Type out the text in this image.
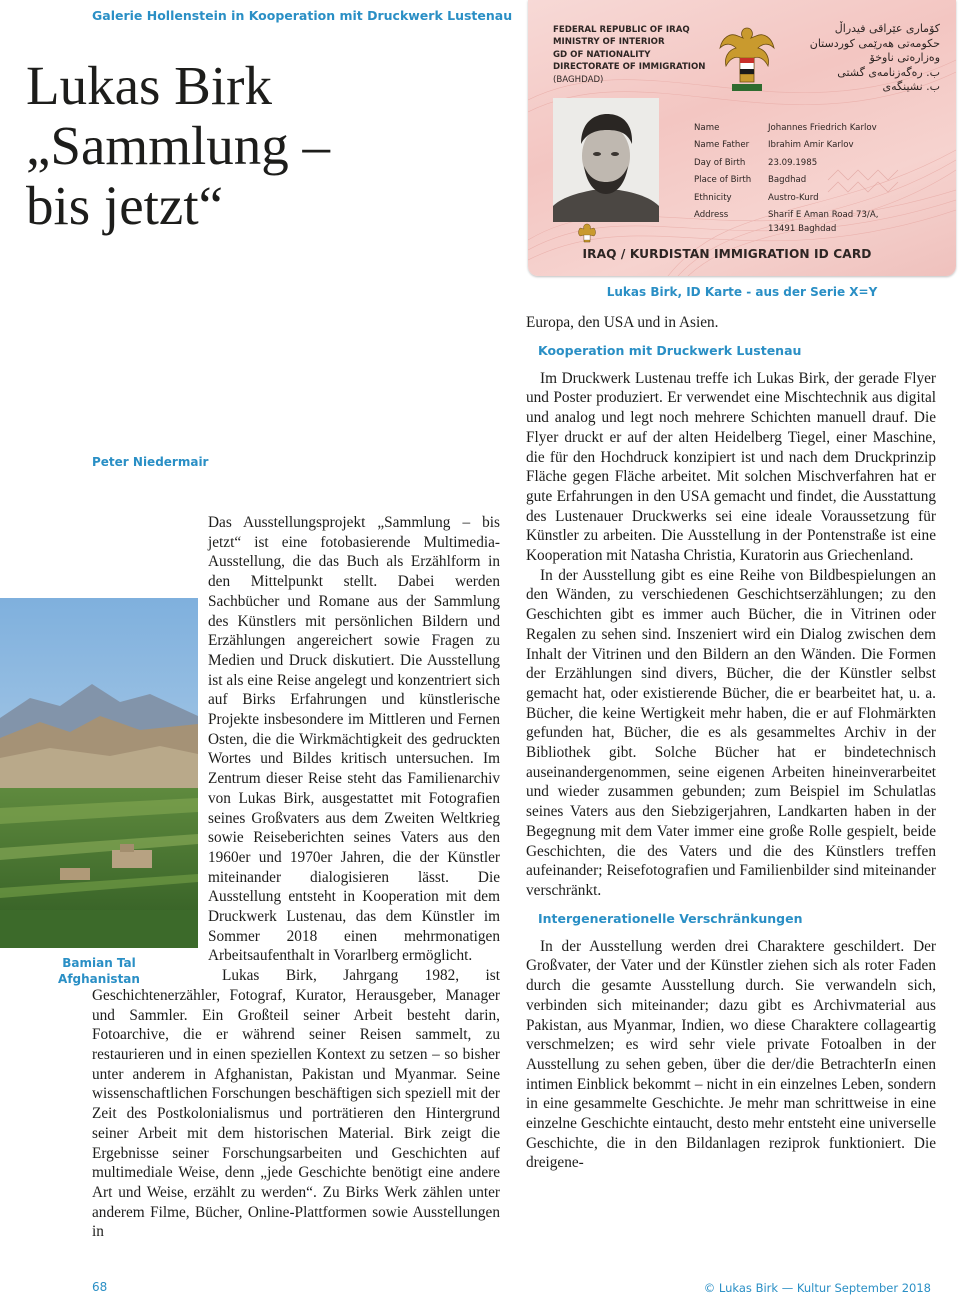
Galerie Hollenstein in Kooperation mit Druckwerk Lustenau
Lukas Birk
„Sammlung –
bis jetzt“
FEDERAL REPUBLIC OF IRAQ
MINISTRY OF INTERIOR
GD OF NATIONALITY
DIRECTORATE OF IMMIGRATION
(BAGHDAD)
كۆماری عێراقی فیدراڵ
حکومەتی هەرێمی کوردستان
وەزارەتی ناوخۆ
ب. رەگەزنامەی گشتی
ب. نشینگەی
Name	Johannes Friedrich Karlov
Name Father	Ibrahim Amir Karlov
Day of Birth	23.09.1985
Place of Birth	Bagdhad
Ethnicity	Austro-Kurd
Address	Sharif E Aman Road 73/A,
13491 Baghdad
IRAQ / KURDISTAN IMMIGRATION ID CARD
Lukas Birk, ID Karte - aus der Serie X=Y
Peter Niedermair
Bamian Tal
Afghanistan

Das Ausstellungsprojekt „Sammlung – bis jetzt“ ist eine fotobasierende Multimedia-Ausstellung, die das Buch als Erzählform in den Mittelpunkt stellt. Dabei werden Sachbücher und Romane aus der Sammlung des Künstlers mit persönlichen Bildern und Erzählungen angereichert sowie Fragen zu Medien und Druck diskutiert. Die Ausstellung ist als eine Reise angelegt und konzentriert sich auf Birks Erfahrungen und künstlerische Projekte insbesondere im Mittleren und Fernen Osten, die die Wirkmächtigkeit des gedruckten Wortes und Bildes kritisch untersuchen. Im Zentrum dieser Reise steht das Familienarchiv von Lukas Birk, ausgestattet mit Fotografien seines Großvaters aus dem Zweiten Weltkrieg sowie Reiseberichten seines Vaters aus den 1960er und 1970er Jahren, die der Künstler miteinander dialogisieren lässt. Die Ausstellung entsteht in Kooperation mit dem Druckwerk Lustenau, das dem Künstler im Sommer 2018 einen mehrmonatigen Arbeitsaufenthalt in Vorarlberg ermöglicht.

Lukas Birk, Jahrgang 1982, ist Geschichtenerzähler, Fotograf, Kurator, Herausgeber, Manager und Sammler. Ein Großteil seiner Arbeit besteht darin, Fotoarchive, die er während seiner Reisen sammelt, zu restaurieren und in einen speziellen Kontext zu setzen – so bisher unter anderem in Afghanistan, Pakistan und Myanmar. Seine wissenschaftlichen Forschungen beschäftigen sich speziell mit der Zeit des Postkolonialismus und porträtieren den Hintergrund seiner Arbeit mit dem historischen Material. Birk zeigt die Ergebnisse seiner Forschungsarbeiten und Geschichten auf multimediale Weise, denn „jede Geschichte benötigt eine andere Art und Weise, erzählt zu werden“. Zu Birks Werk zählen unter anderem Filme, Bücher, Online-Plattformen sowie Ausstellungen in

Europa, den USA und in Asien.

Kooperation mit Druckwerk Lustenau

Im Druckwerk Lustenau treffe ich Lukas Birk, der gerade Flyer und Poster produziert. Er verwendet eine Mischtechnik aus digital und analog und legt noch mehrere Schichten manuell drauf. Die Flyer druckt er auf der alten Heidelberg Tiegel, einer Maschine, die für den Hochdruck konzipiert ist und nach dem Druckprinzip Fläche gegen Fläche arbeitet. Mit solchen Mischverfahren hat er gute Erfahrungen in den USA gemacht und findet, die Ausstattung des Lustenauer Druckwerks sei eine ideale Voraussetzung für Künstler zu arbeiten. Die Ausstellung in der Pontenstraße ist eine Kooperation mit Natasha Christia, Kuratorin aus Griechenland.

In der Ausstellung gibt es eine Reihe von Bildbespielungen an den Wänden, zu verschiedenen Geschichtserzählungen; zu den Geschichten gibt es immer auch Bücher, die in Vitrinen oder Regalen zu sehen sind. Inszeniert wird ein Dialog zwischen dem Inhalt der Vitrinen und den Bildern an den Wänden. Die Formen der Erzählungen sind divers, Bücher, die der Künstler selbst gemacht hat, oder existierende Bücher, die er bearbeitet hat, u. a. Bücher, die keine Wertigkeit mehr haben, die er auf Flohmärkten gefunden hat, Bücher, die es als gesammeltes Archiv in der Bibliothek gibt. Solche Bücher hat er bindetechnisch auseinandergenommen, seine eigenen Arbeiten hineinverarbeitet und wieder zusammen gebunden; zum Beispiel im Schulatlas seines Vaters aus den Siebzigerjahren, Landkarten haben in der Begegnung mit dem Vater immer eine große Rolle gespielt, beide Geschichten, die des Vaters und die des Künstlers treffen aufeinander; Reisefotografien und Familienbilder sind miteinander verschränkt.

Intergenerationelle Verschränkungen

In der Ausstellung werden drei Charaktere geschildert. Der Großvater, der Vater und der Künstler ziehen sich als roter Faden durch die gesamte Ausstellung durch. Sie verwandeln sich, verbinden sich miteinander; dazu gibt es Archivmaterial aus Pakistan, aus Myanmar, Indien, wo diese Charaktere collageartig verschmelzen; es wird sehr viele private Fotoalben in der Ausstellung zu sehen geben, über die der/die BetrachterIn einen intimen Einblick bekommt – nicht in ein einzelnes Leben, sondern in eine gesammelte Geschichte. Je mehr man schrittweise in eine einzelne Geschichte eintaucht, desto mehr entsteht eine universelle Geschichte, die in den Bildanlagen reziprok funktioniert. Die dreigene-

68	© Lukas Birk — Kultur September 2018
